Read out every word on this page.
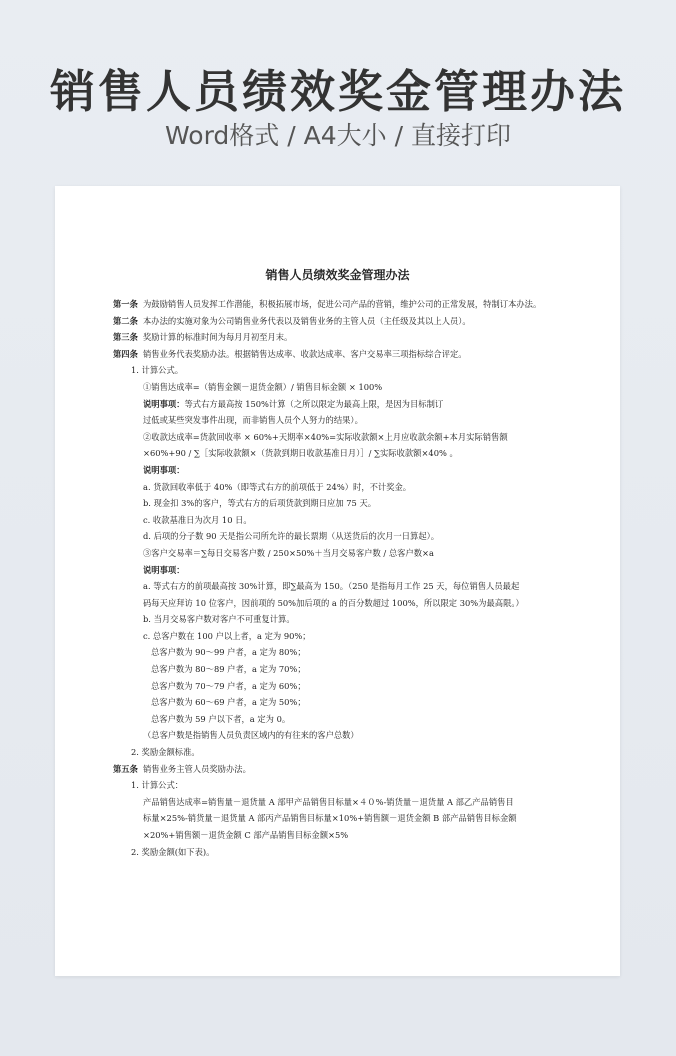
销售人员绩效奖金管理办法
Word格式 / A4大小 / 直接打印
销售人员绩效奖金管理办法
第一条 为鼓励销售人员发挥工作潜能，积极拓展市场，促进公司产品的营销，维护公司的正常发展，特制订本办法。
第二条 本办法的实施对象为公司销售业务代表以及销售业务的主管人员（主任级及其以上人员）。
第三条 奖励计算的标准时间为每月月初至月末。
第四条 销售业务代表奖励办法。根据销售达成率、收款达成率、客户交易率三项指标综合评定。
1. 计算公式。
①销售达成率=（销售金额－退货金额）/ 销售目标金额 × 100%
说明事项：等式右方最高按 150%计算（之所以限定为最高上限，是因为目标制订
过低或某些突发事件出现，而非销售人员个人努力的结果）。
②收款达成率=货款回收率 × 60%+天期率×40%=实际收款额×上月应收款余额+本月实际销售额
×60%+90 / ∑［实际收款额×（货款到期日收款基准日月）］/ ∑实际收款额×40% 。
说明事项：
a. 货款回收率低于 40%（即等式右方的前项低于 24%）时，不计奖金。
b. 现金扣 3%的客户，等式右方的后项货款到期日应加 75 天。
c. 收款基准日为次月 10 日。
d. 后项的分子数 90 天是指公司所允许的最长票期（从送货后的次月一日算起）。
③客户交易率＝∑每日交易客户数 / 250×50%＋当月交易客户数 / 总客户数×a
说明事项：
a. 等式右方的前项最高按 30%计算，即∑最高为 150。（250 是指每月工作 25 天，每位销售人员最起
码每天应拜访 10 位客户，因前项的 50%加后项的 a 的百分数超过 100%，所以限定 30%为最高限。）
b. 当月交易客户数对客户不可重复计算。
c. 总客户数在 100 户以上者，a 定为 90%；
总客户数为 90～99 户者，a 定为 80%；
总客户数为 80～89 户者，a 定为 70%；
总客户数为 70～79 户者，a 定为 60%；
总客户数为 60～69 户者，a 定为 50%；
总客户数为 59 户以下者，a 定为 0。
（总客户数是指销售人员负责区域内的有往来的客户总数）
2. 奖励金额标准。
第五条 销售业务主管人员奖励办法。
1. 计算公式：
产品销售达成率=销售量－退货量 A 部甲产品销售目标量×４０%-销货量－退货量 A 部乙产品销售目
标量×25%-销货量－退货量 A 部丙产品销售目标量×10%+销售额－退货金额 B 部产品销售目标金额
×20%+销售额－退货金额 C 部产品销售目标金额×5%
2. 奖励金额(如下表)。
